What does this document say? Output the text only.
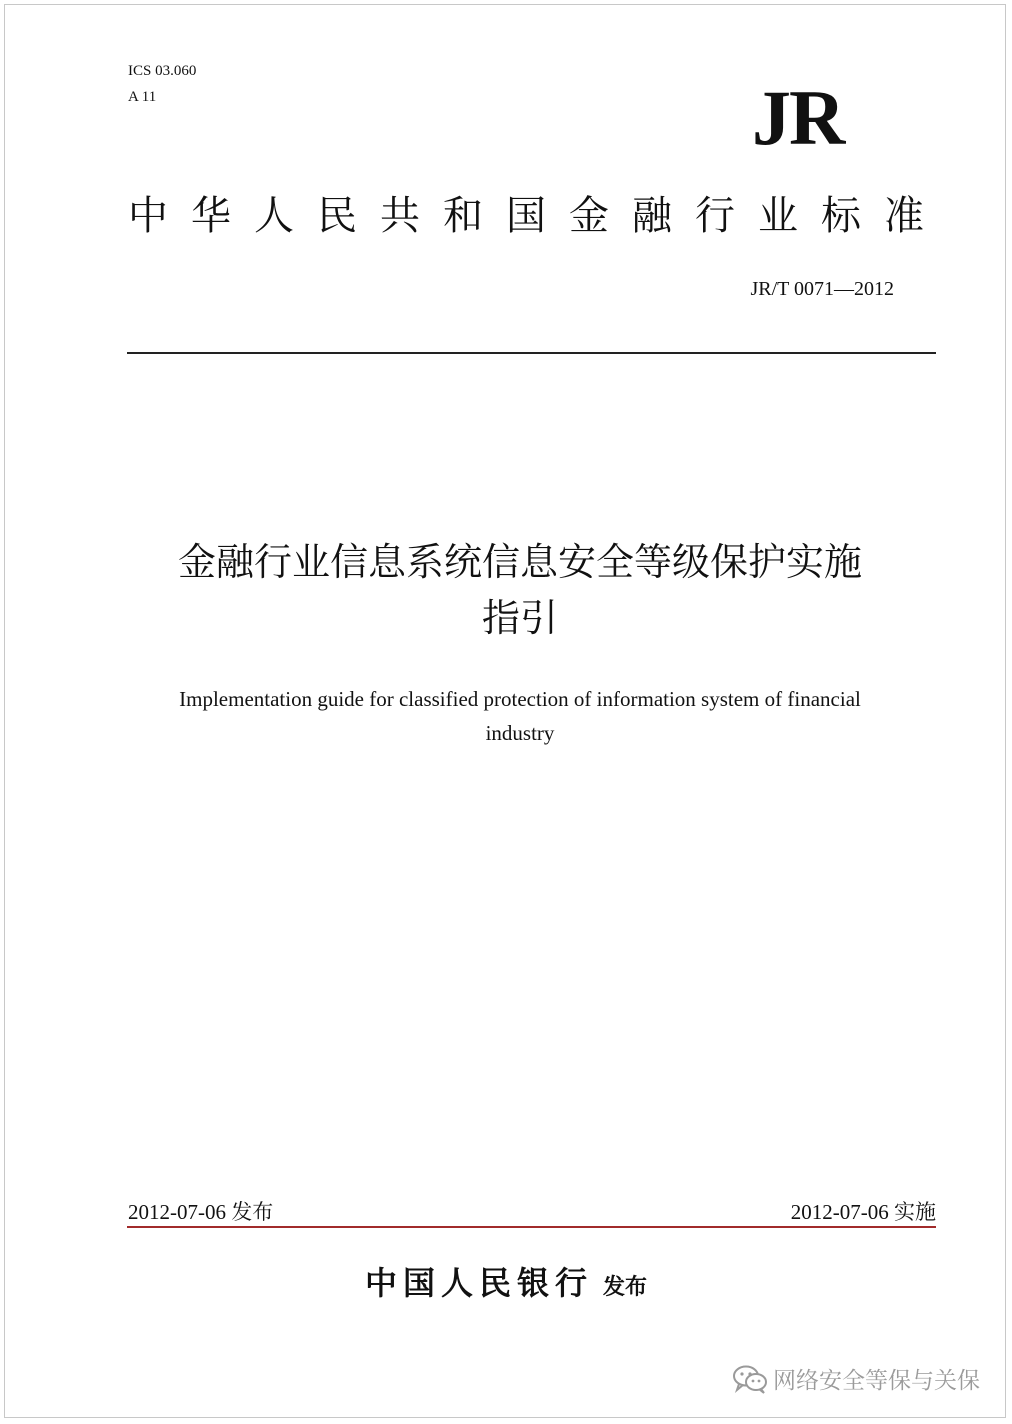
ICS 03.060
A 11	JR
中华人民共和国金融行业标准
JR/T 0071—2012
金融行业信息系统信息安全等级保护实施
指引
Implementation guide for classified protection of information system of financial
industry
2012-07-06 发布	2012-07-06 实施
中国人民银行 发布
网络安全等保与关保
